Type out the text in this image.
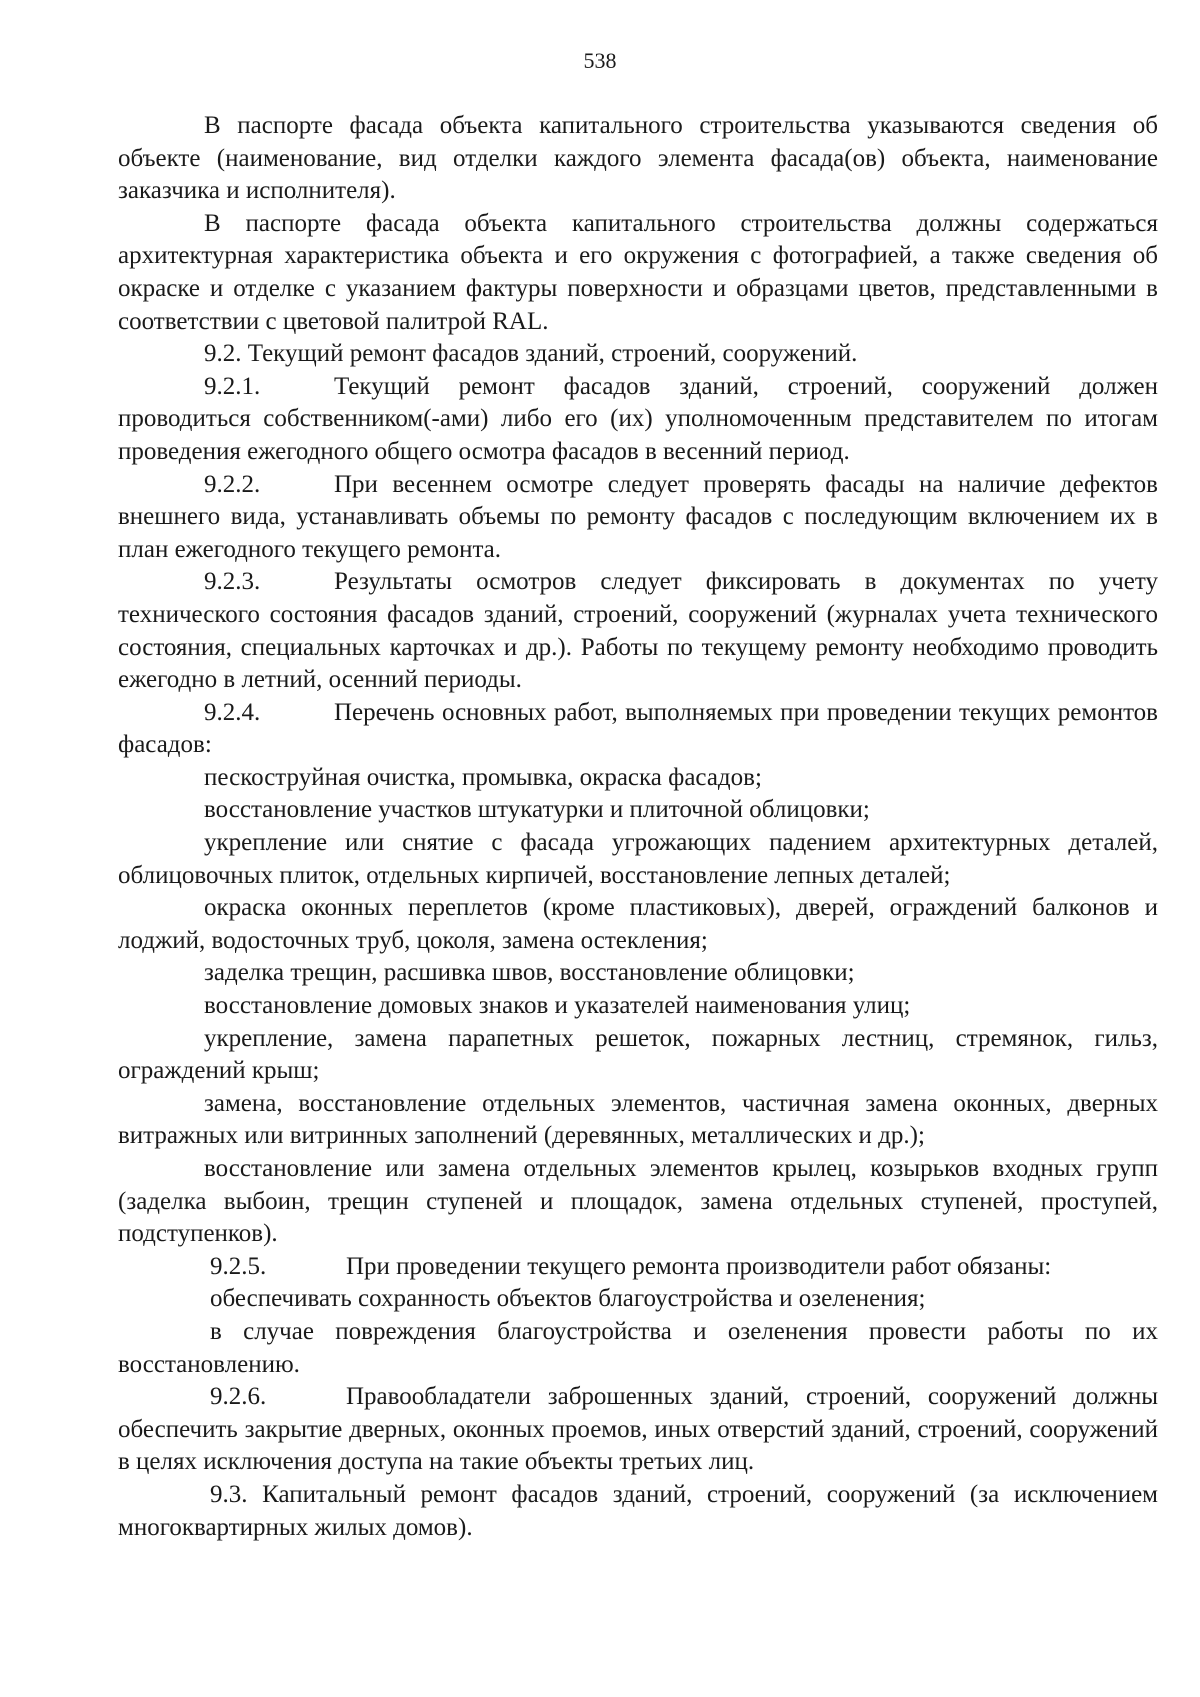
538

В паспорте фасада объекта капитального строительства указываются сведения об объекте (наименование, вид отделки каждого элемента фасада(ов) объекта, наименование заказчика и исполнителя).

В паспорте фасада объекта капитального строительства должны содержаться архитектурная характеристика объекта и его окружения с фотографией, а также сведения об окраске и отделке с указанием фактуры поверхности и образцами цветов, представленными в соответствии с цветовой палитрой RAL.

9.2. Текущий ремонт фасадов зданий, строений, сооружений.

9.2.1.	Текущий ремонт фасадов зданий, строений, сооружений должен проводиться собственником(-ами) либо его (их) уполномоченным представителем по итогам проведения ежегодного общего осмотра фасадов в весенний период.

9.2.2.	При весеннем осмотре следует проверять фасады на наличие дефектов внешнего вида, устанавливать объемы по ремонту фасадов с последующим включением их в план ежегодного текущего ремонта.

9.2.3.	Результаты осмотров следует фиксировать в документах по учету технического состояния фасадов зданий, строений, сооружений (журналах учета технического состояния, специальных карточках и др.). Работы по текущему ремонту необходимо проводить ежегодно в летний, осенний периоды.

9.2.4.	Перечень основных работ, выполняемых при проведении текущих ремонтов фасадов:

пескоструйная очистка, промывка, окраска фасадов;

восстановление участков штукатурки и плиточной облицовки;

укрепление или снятие с фасада угрожающих падением архитектурных деталей, облицовочных плиток, отдельных кирпичей, восстановление лепных деталей;

окраска оконных переплетов (кроме пластиковых), дверей, ограждений балконов и лоджий, водосточных труб, цоколя, замена остекления;

заделка трещин, расшивка швов, восстановление облицовки;

восстановление домовых знаков и указателей наименования улиц;

укрепление, замена парапетных решеток, пожарных лестниц, стремянок, гильз, ограждений крыш;

замена, восстановление отдельных элементов, частичная замена оконных, дверных витражных или витринных заполнений (деревянных, металлических и др.);

восстановление или замена отдельных элементов крылец, козырьков входных групп (заделка выбоин, трещин ступеней и площадок, замена отдельных ступеней, проступей, подступенков).

9.2.5.	При проведении текущего ремонта производители работ обязаны:

обеспечивать сохранность объектов благоустройства и озеленения;

в случае повреждения благоустройства и озеленения провести работы по их восстановлению.

9.2.6.	Правообладатели заброшенных зданий, строений, сооружений должны обеспечить закрытие дверных, оконных проемов, иных отверстий зданий, строений, сооружений в целях исключения доступа на такие объекты третьих лиц.

9.3. Капитальный ремонт фасадов зданий, строений, сооружений (за исключением многоквартирных жилых домов).
